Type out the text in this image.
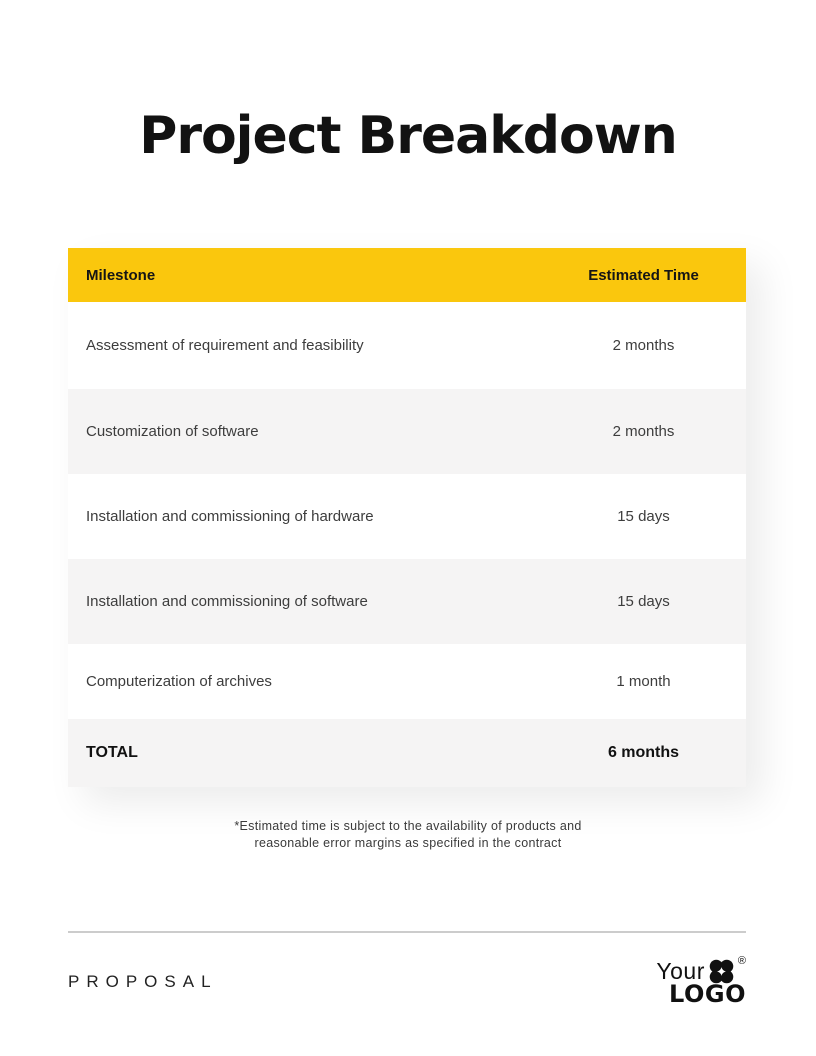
Project Breakdown
Milestone	Estimated Time
Assessment of requirement and feasibility	2 months
Customization of software	2 months
Installation and commissioning of hardware	15 days
Installation and commissioning of software	15 days
Computerization of archives	1 month
TOTAL	6 months
*Estimated time is subject to the availability of products and
reasonable error margins as specified in the contract
PROPOSAL	Your	®
LOGO
